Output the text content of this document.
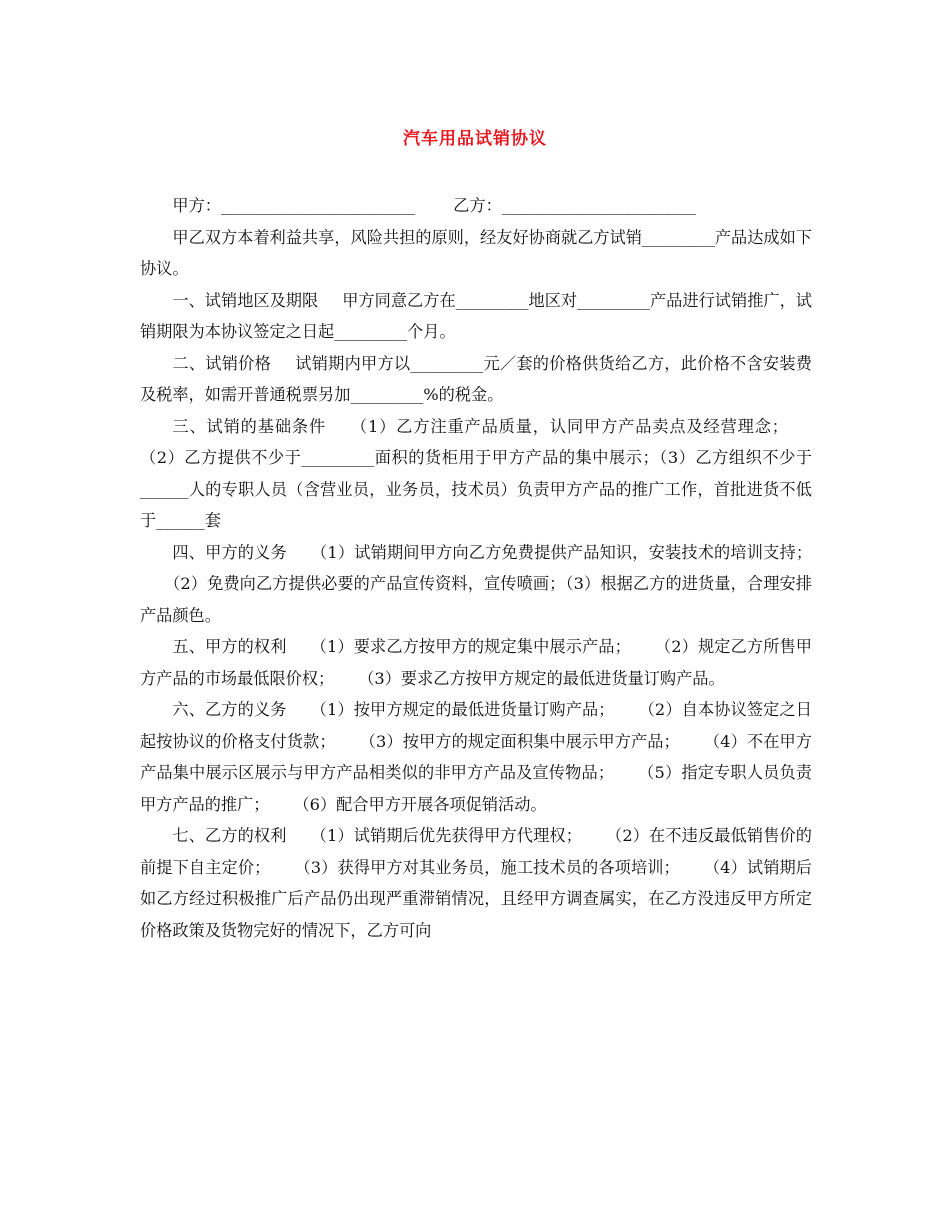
汽车用品试销协议

甲方：________________________ 乙方：________________________

甲乙双方本着利益共享，风险共担的原则，经友好协商就乙方试销_________产品达成如下协议。

一、试销地区及期限 甲方同意乙方在_________地区对_________产品进行试销推广，试销期限为本协议签定之日起_________个月。

二、试销价格 试销期内甲方以_________元／套的价格供货给乙方，此价格不含安装费及税率，如需开普通税票另加_________%的税金。

三、试销的基础条件 （1）乙方注重产品质量，认同甲方产品卖点及经营理念；（2）乙方提供不少于_________面积的货柜用于甲方产品的集中展示；（3）乙方组织不少于______人的专职人员（含营业员，业务员，技术员）负责甲方产品的推广工作，首批进货不低于______套

四、甲方的义务 （1）试销期间甲方向乙方免费提供产品知识，安装技术的培训支持；（2）免费向乙方提供必要的产品宣传资料，宣传喷画；（3）根据乙方的进货量，合理安排产品颜色。

五、甲方的权利 （1）要求乙方按甲方的规定集中展示产品； （2）规定乙方所售甲方产品的市场最低限价权； （3）要求乙方按甲方规定的最低进货量订购产品。

六、乙方的义务 （1）按甲方规定的最低进货量订购产品； （2）自本协议签定之日起按协议的价格支付货款； （3）按甲方的规定面积集中展示甲方产品； （4）不在甲方产品集中展示区展示与甲方产品相类似的非甲方产品及宣传物品； （5）指定专职人员负责甲方产品的推广； （6）配合甲方开展各项促销活动。

七、乙方的权利 （1）试销期后优先获得甲方代理权； （2）在不违反最低销售价的前提下自主定价； （3）获得甲方对其业务员，施工技术员的各项培训； （4）试销期后如乙方经过积极推广后产品仍出现严重滞销情况，且经甲方调查属实，在乙方没违反甲方所定价格政策及货物完好的情况下，乙方可向
